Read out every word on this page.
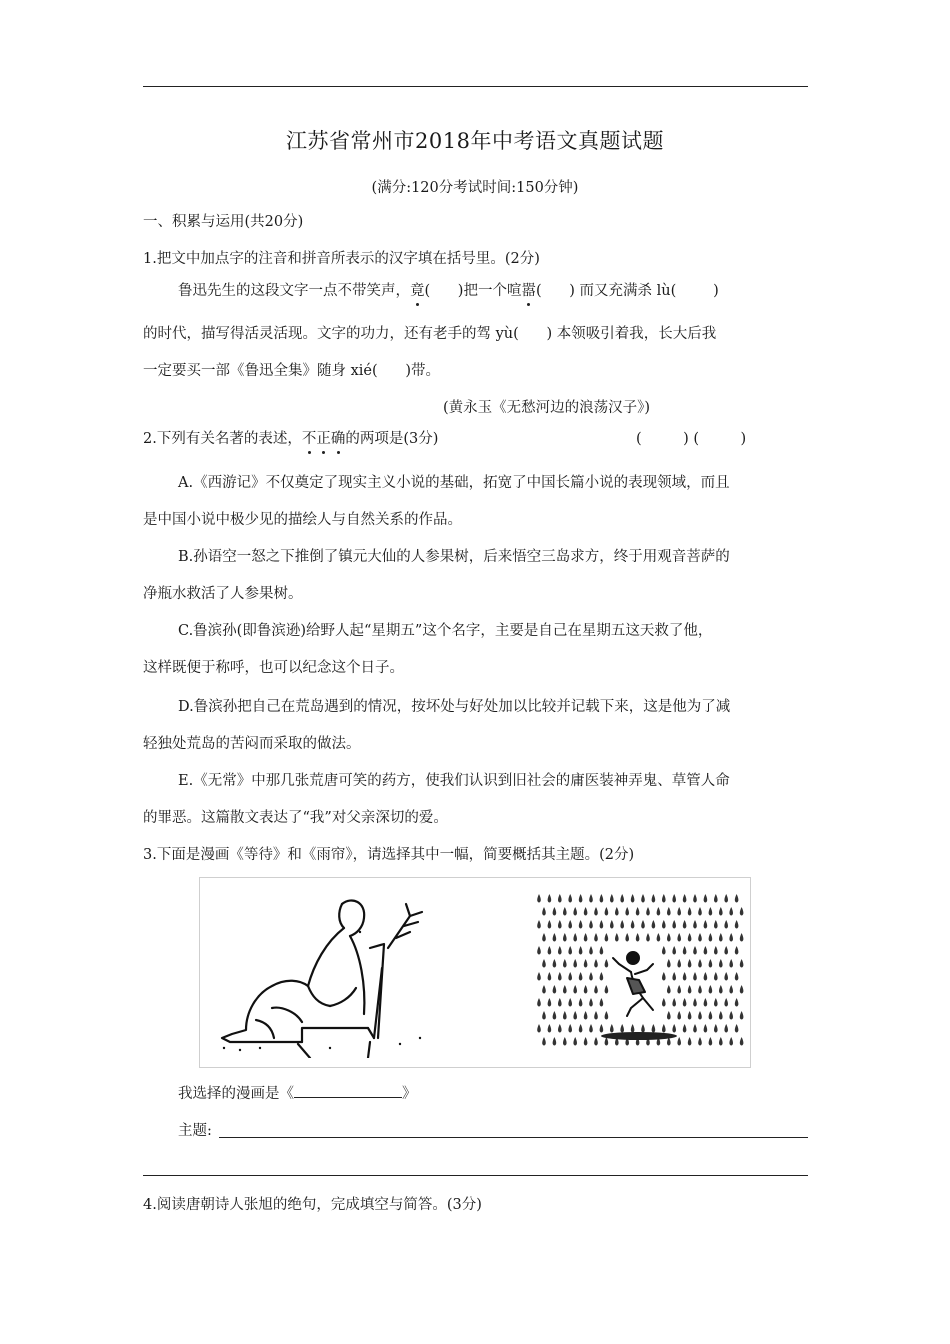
江苏省常州市2018年中考语文真题试题
(满分:120分考试时间:150分钟)
一、积累与运用(共20分)
1.把文中加点字的注音和拼音所表示的汉字填在括号里。(2分)
鲁迅先生的这段文字一点不带笑声，竟(      )把一个喧嚣(      ) 而又充满杀 lù(        )
的时代，描写得活灵活现。文字的功力，还有老手的驾 yù(      ) 本领吸引着我，长大后我
一定要买一部《鲁迅全集》随身 xié(      )带。
(黄永玉《无愁河边的浪荡汉子》)
2.下列有关名著的表述，不正确的两项是(3分)	(         ) (         )
A.《西游记》不仅奠定了现实主义小说的基础，拓宽了中国长篇小说的表现领域，而且
是中国小说中极少见的描绘人与自然关系的作品。
B.孙语空一怒之下推倒了镇元大仙的人参果树，后来悟空三岛求方，终于用观音菩萨的
净瓶水救活了人参果树。
C.鲁滨孙(即鲁滨逊)给野人起“星期五”这个名字，主要是自己在星期五这天救了他，
这样既便于称呼，也可以纪念这个日子。
D.鲁滨孙把自己在荒岛遇到的情况，按坏处与好处加以比较并记载下来，这是他为了减
轻独处荒岛的苦闷而采取的做法。
E.《无常》中那几张荒唐可笑的药方，使我们认识到旧社会的庸医装神弄鬼、草管人命
的罪恶。这篇散文表达了“我”对父亲深切的爱。
3.下面是漫画《等待》和《雨帘》，请选择其中一幅，简要概括其主题。(2分)
我选择的漫画是《	》
主题:
4.阅读唐朝诗人张旭的绝句，完成填空与简答。(3分)
